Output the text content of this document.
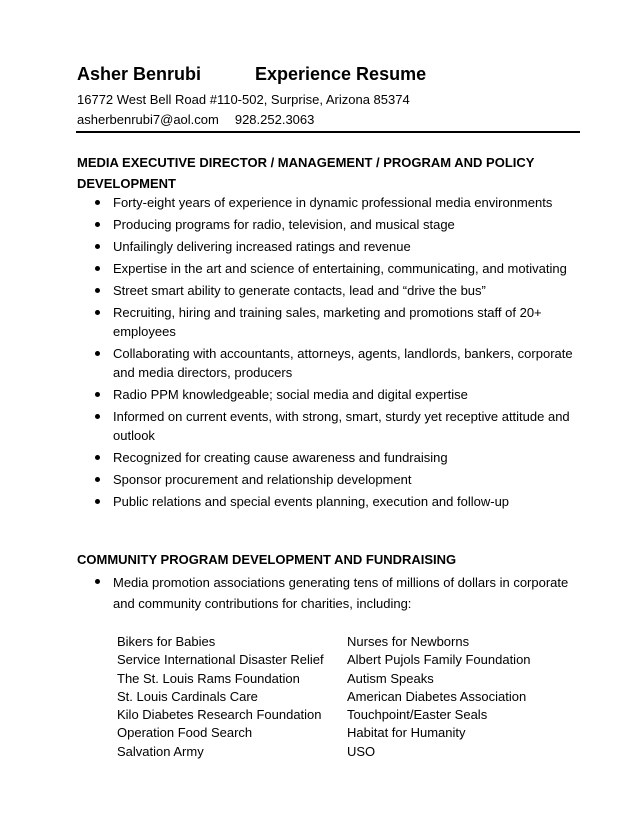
Asher Benrubi	Experience Resume
16772 West Bell Road #110-502, Surprise, Arizona 85374
asherbenrubi7@aol.com 928.252.3063
MEDIA EXECUTIVE DIRECTOR / MANAGEMENT / PROGRAM AND POLICY DEVELOPMENT
Forty-eight years of experience in dynamic professional media environments
Producing programs for radio, television, and musical stage
Unfailingly delivering increased ratings and revenue
Expertise in the art and science of entertaining, communicating, and motivating
Street smart ability to generate contacts, lead and “drive the bus”
Recruiting, hiring and training sales, marketing and promotions staff of 20+ employees
Collaborating with accountants, attorneys, agents, landlords, bankers, corporate and media directors, producers
Radio PPM knowledgeable; social media and digital expertise
Informed on current events, with strong, smart, sturdy yet receptive attitude and outlook
Recognized for creating cause awareness and fundraising
Sponsor procurement and relationship development
Public relations and special events planning, execution and follow-up
COMMUNITY PROGRAM DEVELOPMENT AND FUNDRAISING
Media promotion associations generating tens of millions of dollars in corporate and community contributions for charities, including:
Bikers for Babies	Nurses for Newborns
Service International Disaster Relief	Albert Pujols Family Foundation
The St. Louis Rams Foundation	Autism Speaks
St. Louis Cardinals Care	American Diabetes Association
Kilo Diabetes Research Foundation	Touchpoint/Easter Seals
Operation Food Search	Habitat for Humanity
Salvation Army	USO
